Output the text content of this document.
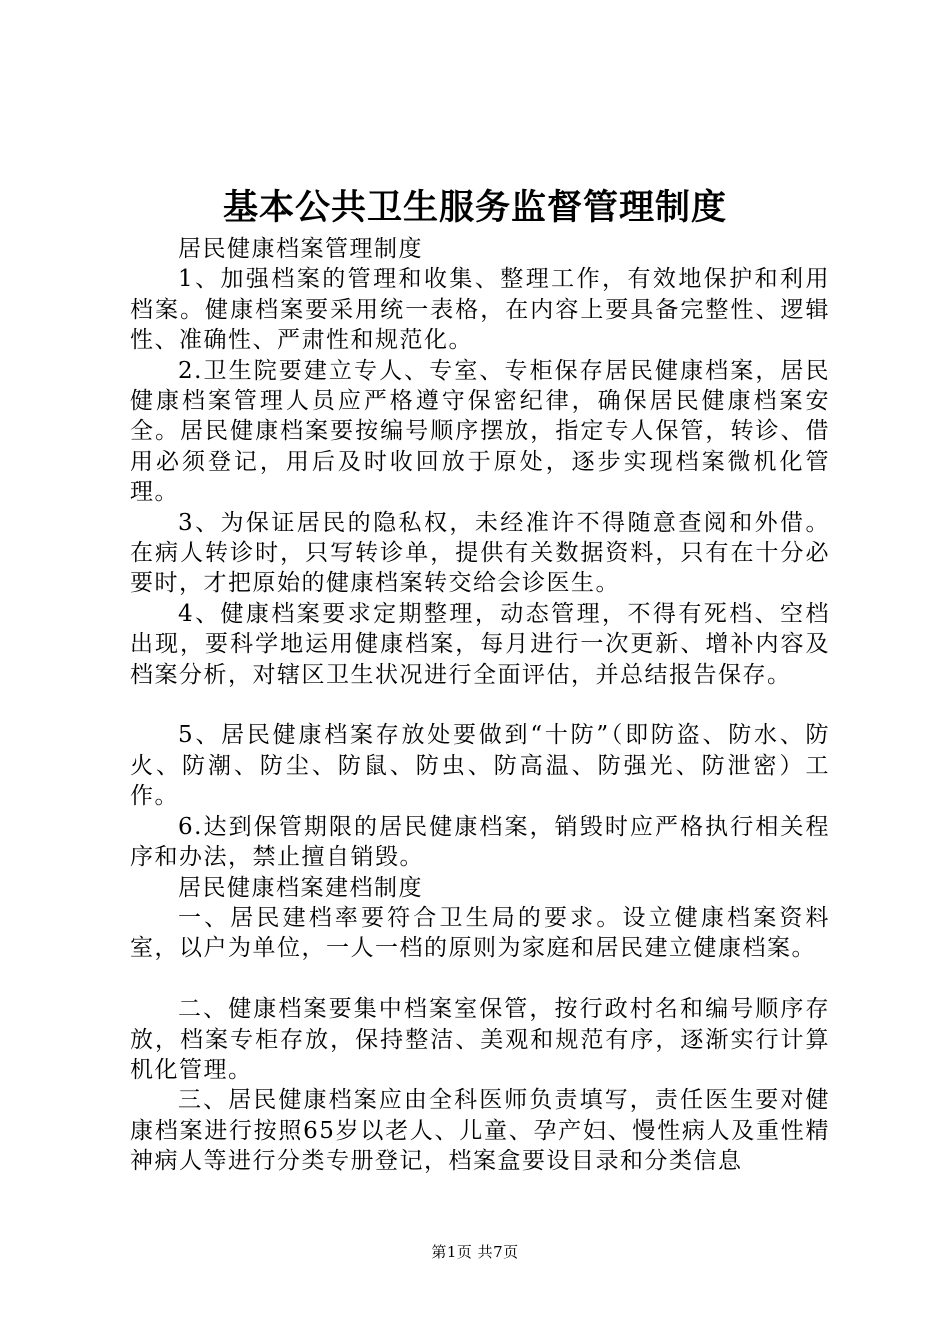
基本公共卫生服务监督管理制度

居民健康档案管理制度

1、加强档案的管理和收集、整理工作，有效地保护和利用档案。健康档案要采用统一表格，在内容上要具备完整性、逻辑性、准确性、严肃性和规范化。

2.卫生院要建立专人、专室、专柜保存居民健康档案，居民健康档案管理人员应严格遵守保密纪律，确保居民健康档案安全。居民健康档案要按编号顺序摆放，指定专人保管，转诊、借用必须登记，用后及时收回放于原处，逐步实现档案微机化管理。

3、为保证居民的隐私权，未经准许不得随意查阅和外借。在病人转诊时，只写转诊单，提供有关数据资料，只有在十分必要时，才把原始的健康档案转交给会诊医生。

4、健康档案要求定期整理，动态管理，不得有死档、空档出现，要科学地运用健康档案，每月进行一次更新、增补内容及档案分析，对辖区卫生状况进行全面评估，并总结报告保存。

5、居民健康档案存放处要做到“十防”（即防盗、防水、防火、防潮、防尘、防鼠、防虫、防高温、防强光、防泄密）工作。

6.达到保管期限的居民健康档案，销毁时应严格执行相关程序和办法，禁止擅自销毁。

居民健康档案建档制度

一、居民建档率要符合卫生局的要求。设立健康档案资料室，以户为单位，一人一档的原则为家庭和居民建立健康档案。

二、健康档案要集中档案室保管，按行政村名和编号顺序存放，档案专柜存放，保持整洁、美观和规范有序，逐渐实行计算机化管理。

三、居民健康档案应由全科医师负责填写，责任医生要对健康档案进行按照65岁以老人、儿童、孕产妇、慢性病人及重性精神病人等进行分类专册登记，档案盒要设目录和分类信息

第1页 共7页
